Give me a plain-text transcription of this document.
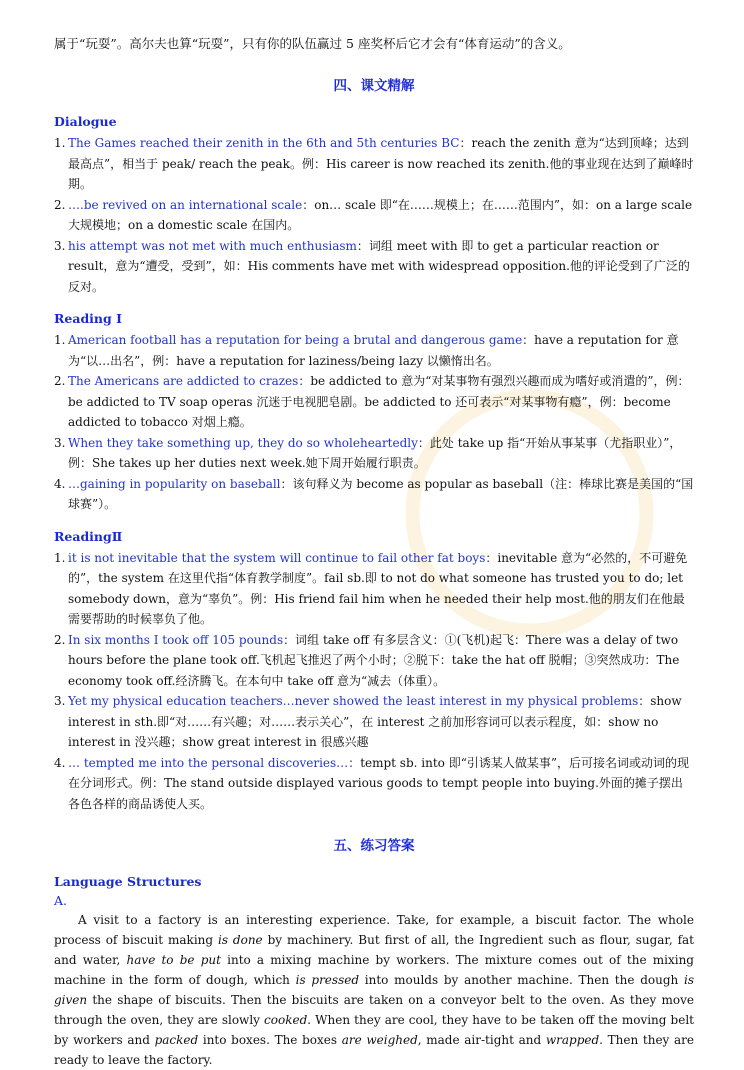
属于“玩耍”。高尔夫也算“玩耍”，只有你的队伍赢过 5 座奖杯后它才会有“体育运动”的含义。

四、课文精解
Dialogue
1. The Games reached their zenith in the 6th and 5th centuries BC：reach the zenith 意为“达到顶峰；达到最高点”，相当于 peak/ reach the peak。例：His career is now reached its zenith.他的事业现在达到了巅峰时期。
2. ….be revived on an international scale：on… scale 即“在……规模上；在……范围内”，如：on a large scale 大规模地；on a domestic scale 在国内。
3. his attempt was not met with much enthusiasm：词组 meet with 即 to get a particular reaction or result，意为“遭受，受到”，如：His comments have met with widespread opposition.他的评论受到了广泛的反对。
Reading I
1. American football has a reputation for being a brutal and dangerous game：have a reputation for 意为“以…出名”，例：have a reputation for laziness/being lazy 以懒惰出名。
2. The Americans are addicted to crazes：be addicted to 意为“对某事物有强烈兴趣而成为嗜好或消遣的”，例：be addicted to TV soap operas 沉迷于电视肥皂剧。be addicted to 还可表示“对某事物有瘾”，例：become addicted to tobacco 对烟上瘾。
3. When they take something up, they do so wholeheartedly：此处 take up 指“开始从事某事（尤指职业）”，例：She takes up her duties next week.她下周开始履行职责。
4. …gaining in popularity on baseball：该句释义为 become as popular as baseball（注：棒球比赛是美国的“国球赛”）。
ReadingⅡ
1. it is not inevitable that the system will continue to fail other fat boys：inevitable 意为“必然的，不可避免的”，the system 在这里代指“体育教学制度”。fail sb.即 to not do what someone has trusted you to do; let somebody down，意为“辜负”。例：His friend fail him when he needed their help most.他的朋友们在他最需要帮助的时候辜负了他。
2. In six months I took off 105 pounds：词组 take off 有多层含义：①(飞机)起飞：There was a delay of two hours before the plane took off.飞机起飞推迟了两个小时；②脱下：take the hat off 脱帽；③突然成功：The economy took off.经济腾飞。在本句中 take off 意为“减去（体重）。
3. Yet my physical education teachers…never showed the least interest in my physical problems：show interest in sth.即“对……有兴趣；对……表示关心”，在 interest 之前加形容词可以表示程度，如：show no interest in 没兴趣；show great interest in 很感兴趣
4. … tempted me into the personal discoveries…：tempt sb. into 即“引诱某人做某事”，后可接名词或动词的现在分词形式。例：The stand outside displayed various goods to tempt people into buying.外面的摊子摆出各色各样的商品诱使人买。
五、练习答案
Language Structures
A.

A visit to a factory is an interesting experience. Take, for example, a biscuit factor. The whole process of biscuit making is done by machinery. But first of all, the Ingredient such as flour, sugar, fat and water, have to be put into a mixing machine by workers. The mixture comes out of the mixing machine in the form of dough, which is pressed into moulds by another machine. Then the dough is given the shape of biscuits. Then the biscuits are taken on a conveyor belt to the oven. As they move through the oven, they are slowly cooked. When they are cool, they have to be taken off the moving belt by workers and packed into boxes. The boxes are weighed, made air-tight and wrapped. Then they are ready to leave the factory.
